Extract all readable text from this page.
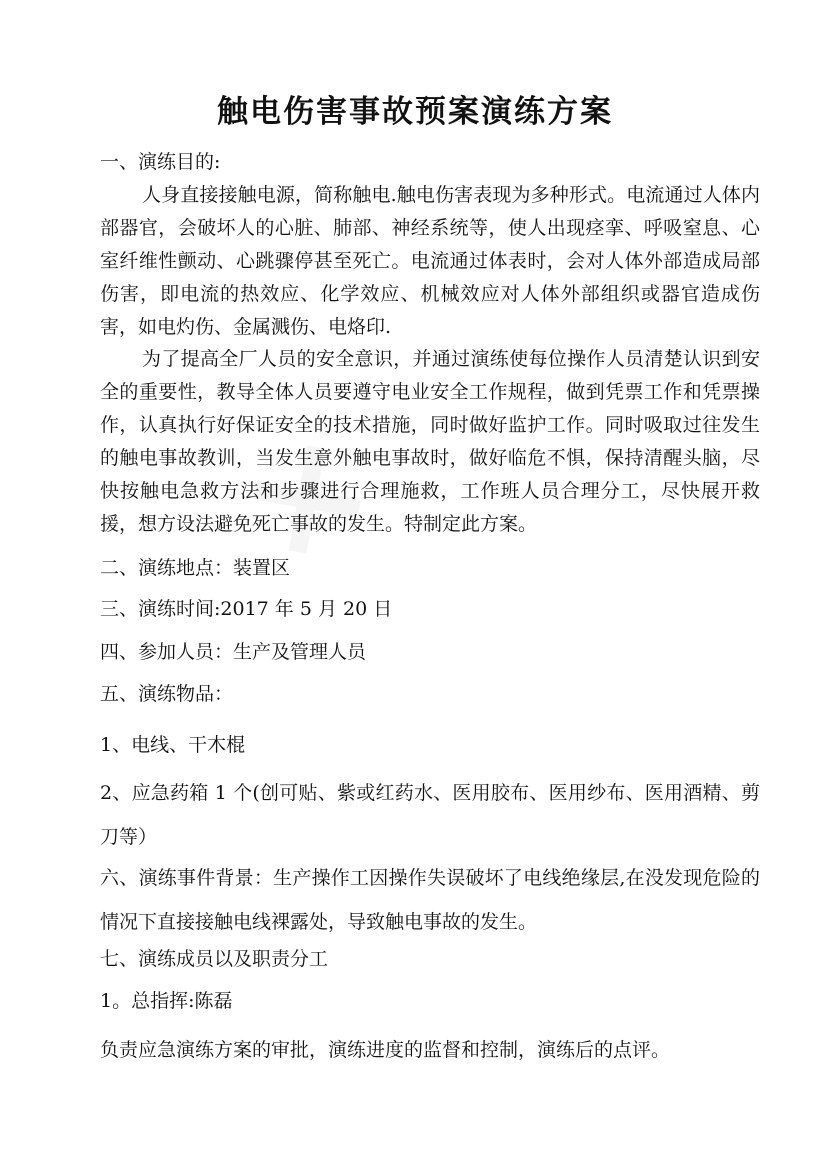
触电伤害事故预案演练方案

一、演练目的:

人身直接接触电源，简称触电.触电伤害表现为多种形式。电流通过人体内部器官，会破坏人的心脏、肺部、神经系统等，使人出现痉挛、呼吸窒息、心室纤维性颤动、心跳骤停甚至死亡。电流通过体表时，会对人体外部造成局部伤害，即电流的热效应、化学效应、机械效应对人体外部组织或器官造成伤害，如电灼伤、金属溅伤、电烙印.

为了提高全厂人员的安全意识，并通过演练使每位操作人员清楚认识到安全的重要性，教导全体人员要遵守电业安全工作规程，做到凭票工作和凭票操作，认真执行好保证安全的技术措施，同时做好监护工作。同时吸取过往发生的触电事故教训，当发生意外触电事故时，做好临危不惧，保持清醒头脑，尽快按触电急救方法和步骤进行合理施救，工作班人员合理分工，尽快展开救援，想方设法避免死亡事故的发生。特制定此方案。

二、演练地点：装置区

三、演练时间:2017 年 5 月 20 日

四、参加人员：生产及管理人员

五、演练物品：

1、电线、干木棍

2、应急药箱 1 个(创可贴、紫或红药水、医用胶布、医用纱布、医用酒精、剪刀等）

六、演练事件背景：生产操作工因操作失误破坏了电线绝缘层,在没发现危险的情况下直接接触电线裸露处，导致触电事故的发生。

七、演练成员以及职责分工

1。总指挥:陈磊

负责应急演练方案的审批，演练进度的监督和控制，演练后的点评。
